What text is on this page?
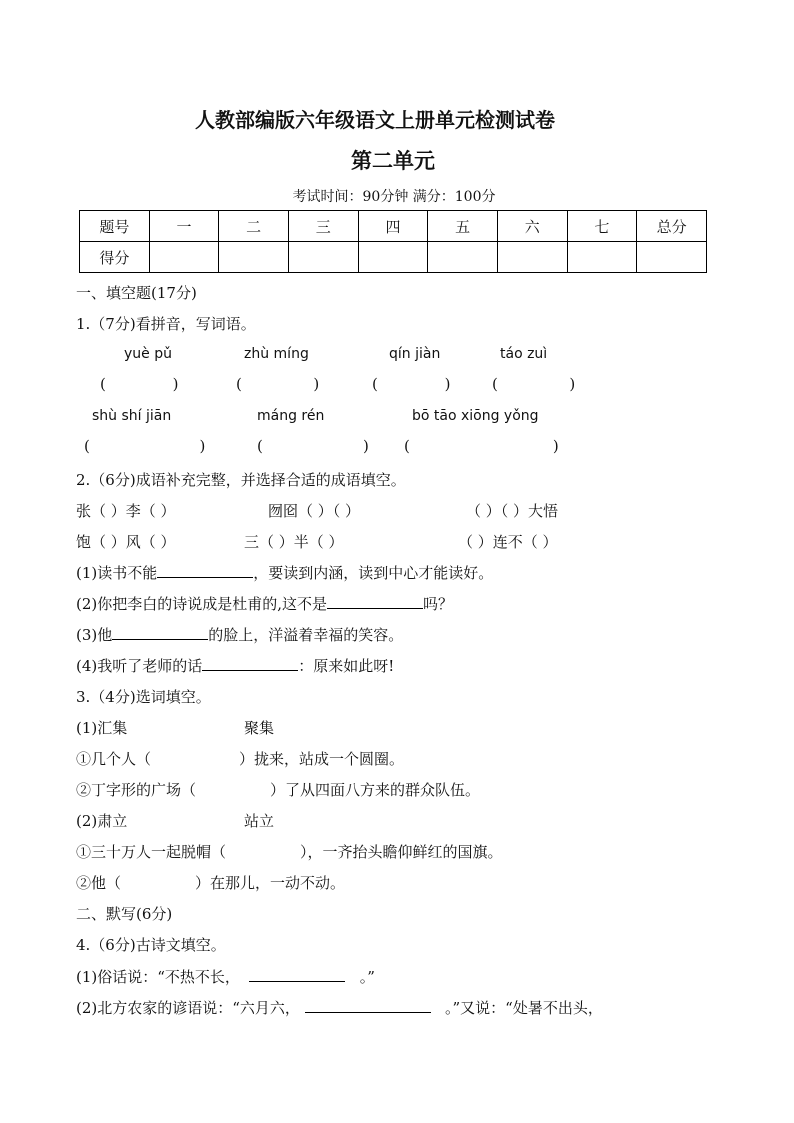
人教部编版六年级语文上册单元检测试卷
第二单元
考试时间：90分钟 满分：100分
题号	一	二	三	四	五	六	七	总分
得分								
一、填空题(17分)
1.（7分)看拼音，写词语。
yuè pǔ	zhù míng	qín jiàn	táo zuì
(              )	(               )	(              )	(               )
shù shí jiān	máng rén	bō tāo xiōng yǒng
(                       )	(                     ) (                              )
2.（6分)成语补充完整，并选择合适的成语填空。
张（ ）李（ ）	囫囵（ ）（ ）	（ ）（ ）大悟
饱（ ）风（ ）	三（ ）半（ ）	（ ）连不（ ）
(1)读书不能	，要读到内涵，读到中心才能读好。
(2)你把李白的诗说成是杜甫的,这不是	吗？
(3)他	的脸上，洋溢着幸福的笑容。
(4)我听了老师的话	：原来如此呀!
3.（4分)选词填空。
(1)汇集	聚集
①几个人（	）拢来，站成一个圆圈。
②丁字形的广场（	）了从四面八方来的群众队伍。
(2)肃立	站立
①三十万人一起脱帽（	），一齐抬头瞻仰鲜红的国旗。
②他（	）在那儿，一动不动。
二、默写(6分)
4.（6分)古诗文填空。
(1)俗话说：“不热不长，	。”
(2)北方农家的谚语说：“六月六，	。”又说：“处暑不出头，
